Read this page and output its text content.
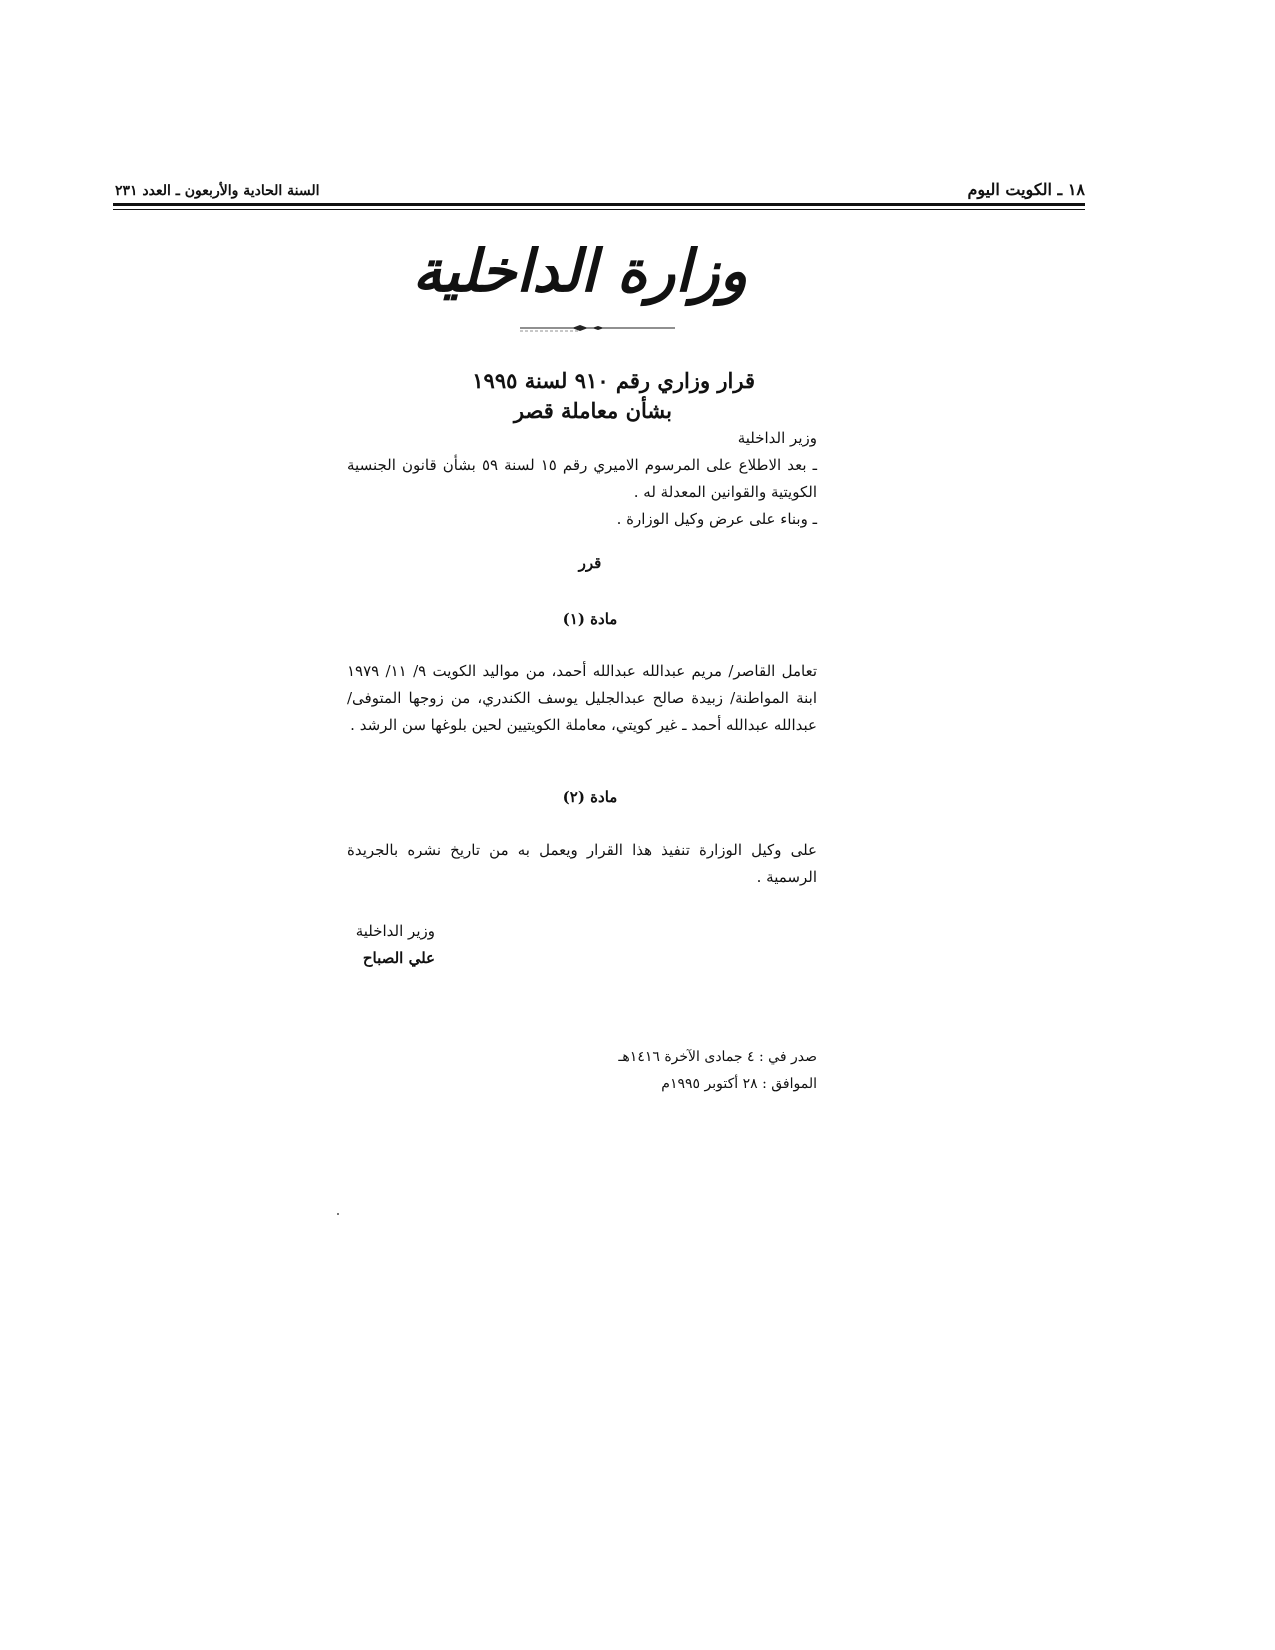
١٨ ـ الكويت اليوم
السنة الحادية والأربعون ـ العدد ٢٣١
وزارة الداخلية
قرار وزاري رقم ٩١٠ لسنة ١٩٩٥
بشأن معاملة قصر

وزير الداخلية

ـ بعد الاطلاع على المرسوم الاميري رقم ١٥ لسنة ٥٩ بشأن قانون الجنسية الكويتية والقوانين المعدلة له .

ـ وبناء على عرض وكيل الوزارة .

قرر
مادة (١)
تعامل القاصر/ مريم عبدالله عبدالله أحمد، من مواليد الكويت ٩/ ١١/ ١٩٧٩ ابنة المواطنة/ زبيدة صالح عبدالجليل يوسف الكندري، من زوجها المتوفى/ عبدالله عبدالله أحمد ـ غير كويتي، معاملة الكويتيين لحين بلوغها سن الرشد .
مادة (٢)
على وكيل الوزارة تنفيذ هذا القرار ويعمل به من تاريخ نشره بالجريدة الرسمية .
وزير الداخلية
علي الصباح
صدر في : ٤ جمادى الآخرة ١٤١٦هـ
الموافق : ٢٨ أكتوبر ١٩٩٥م
